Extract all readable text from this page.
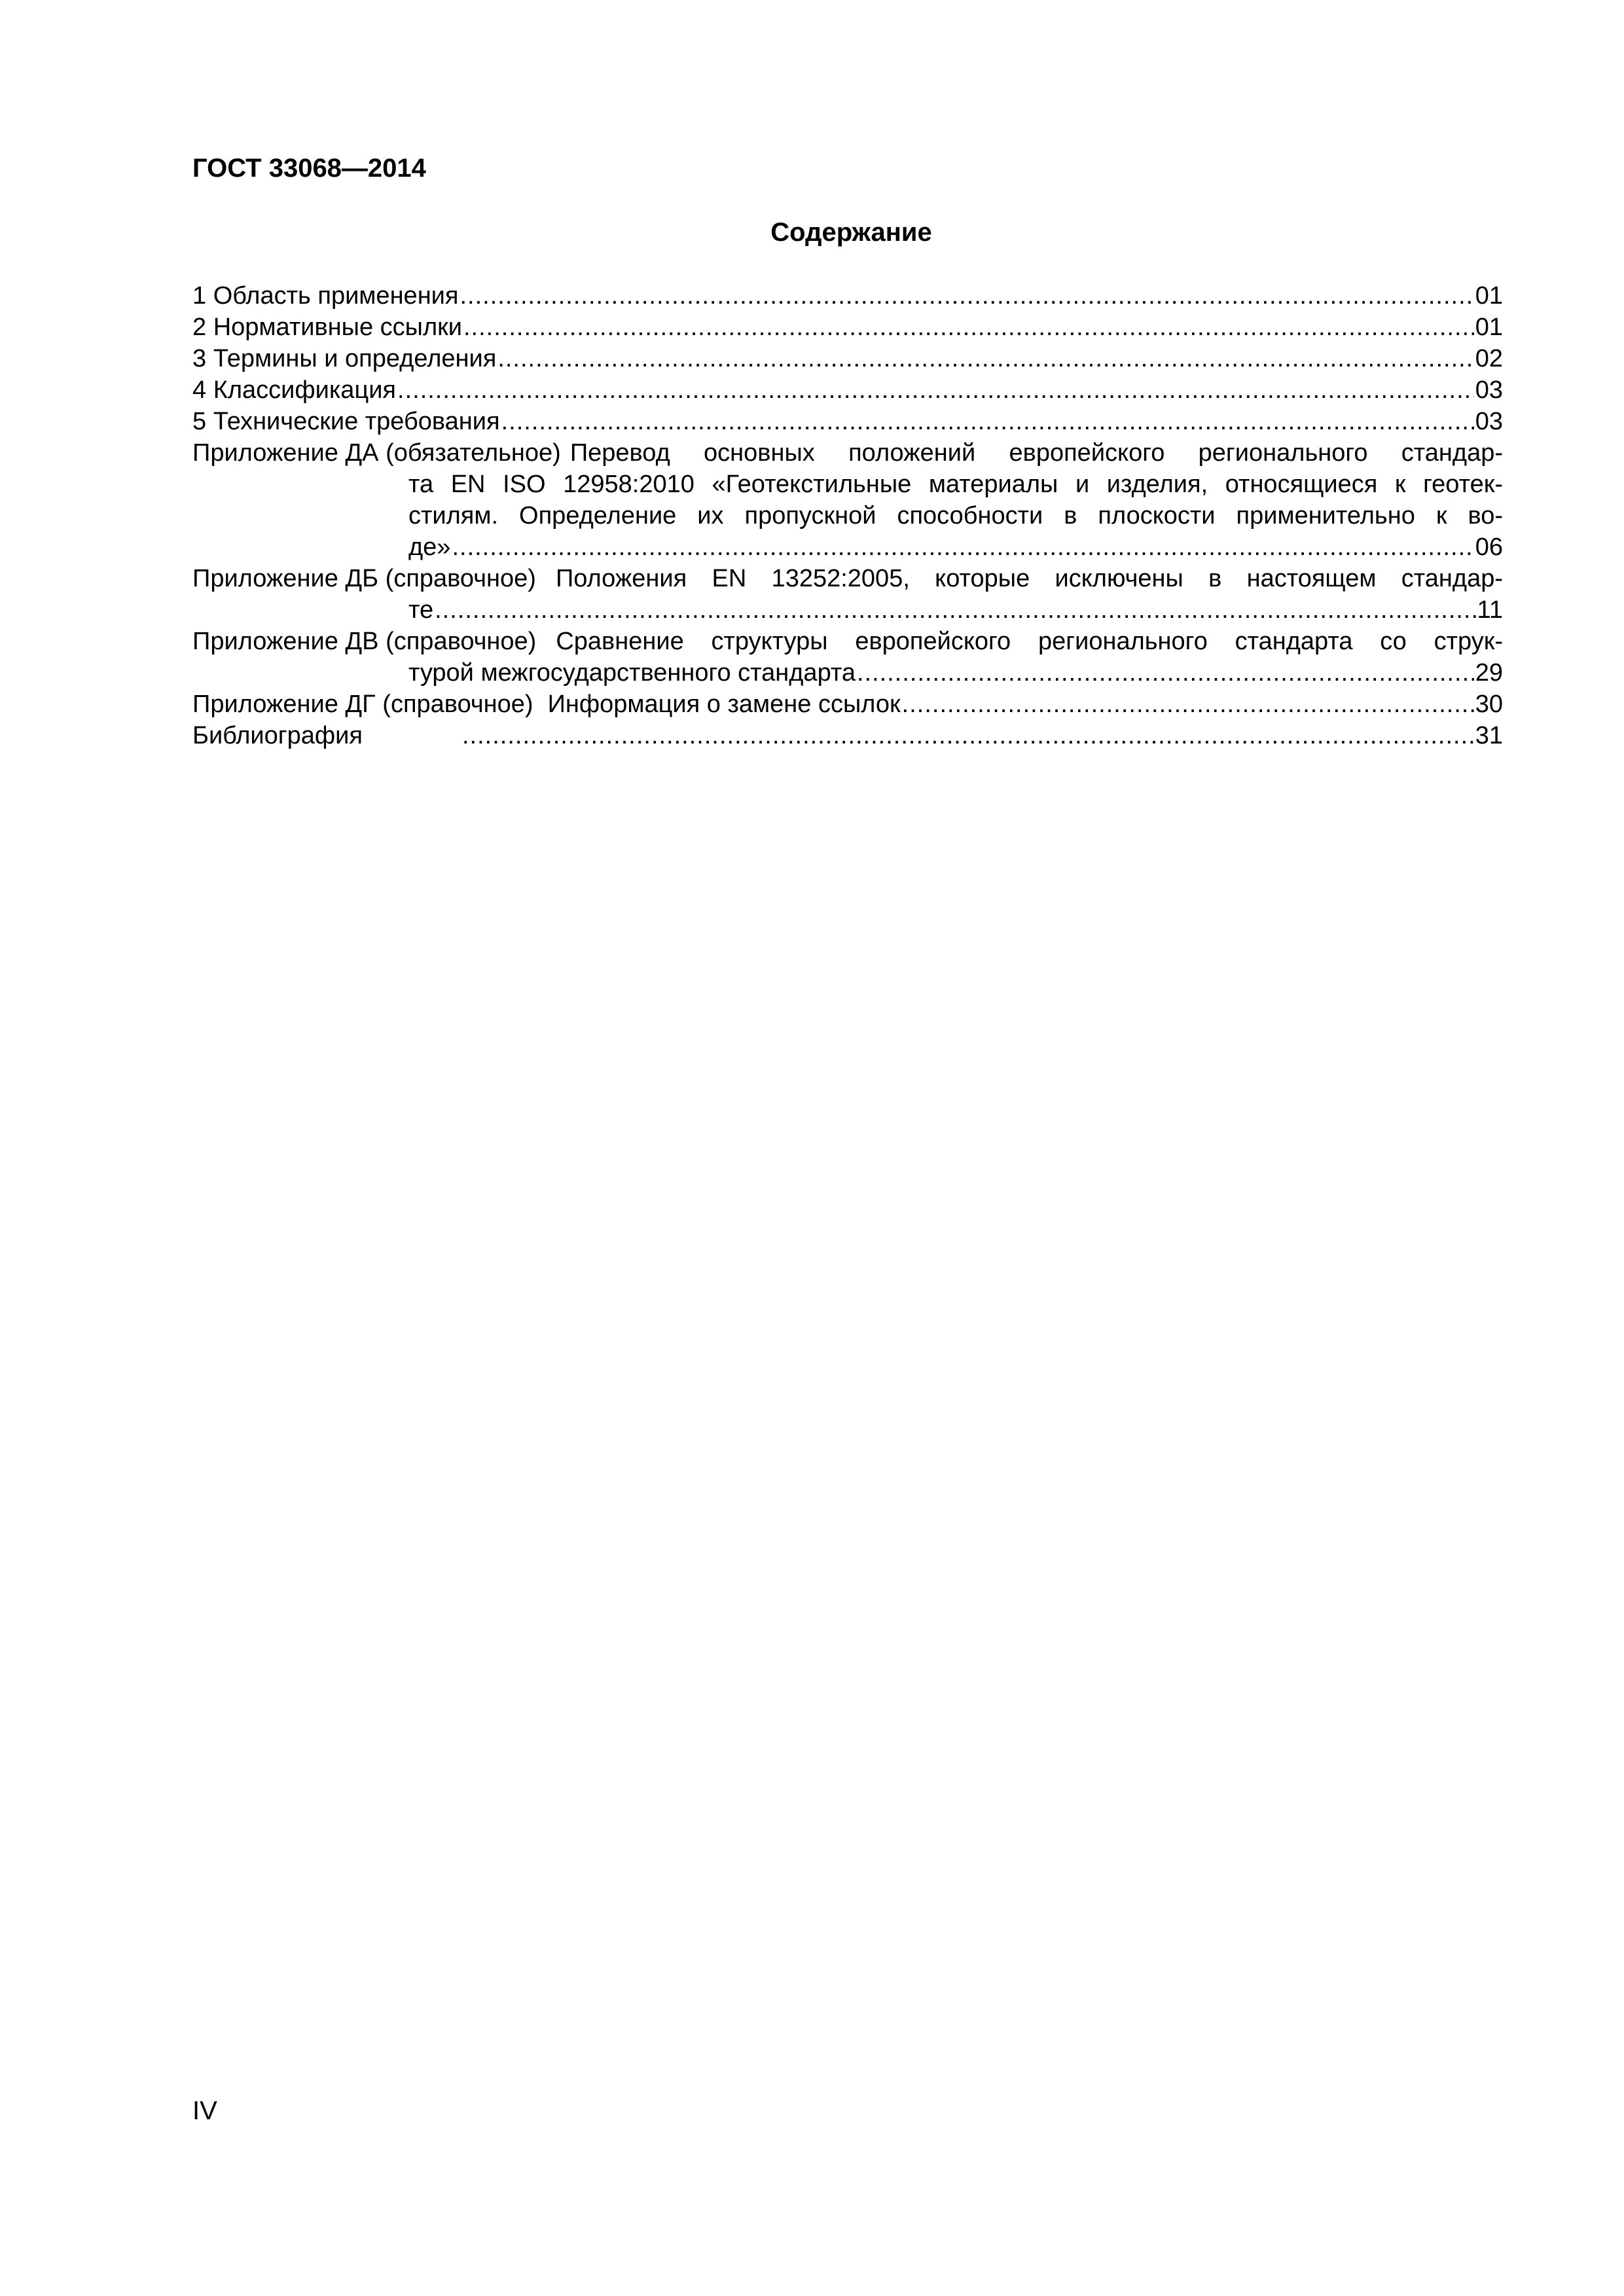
ГОСТ 33068—2014
Содержание
1 Область применения .....	01
2 Нормативные ссылки .....	01
3 Термины и определения .....	02
4 Классификация .....	03
5 Технические требования .....	03
Приложение ДА (обязательное) Перевод основных положений европейского регионального стандар-
та EN ISO 12958:2010 «Геотекстильные материалы и изделия, относящиеся к геотек-
стилям. Определение их пропускной способности в плоскости применительно к во-
де» .....	06
Приложение ДБ (справочное) Положения EN 13252:2005, которые исключены в настоящем стандар-
те .....	11
Приложение ДВ (справочное) Сравнение структуры европейского регионального стандарта со струк-
турой межгосударственного стандарта .....	29
Приложение ДГ (справочное) Информация о замене ссылок .....	30
Библиография .....	31
IV
